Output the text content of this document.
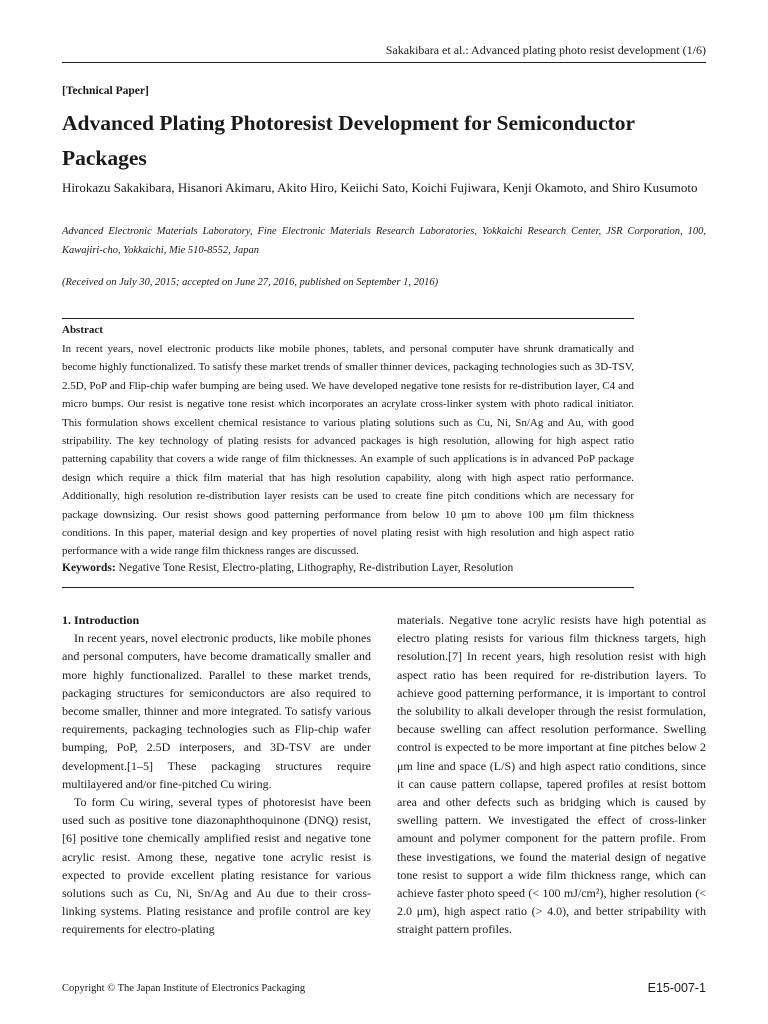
Sakakibara et al.: Advanced plating photo resist development (1/6)
[Technical Paper]
Advanced Plating Photoresist Development for Semiconductor Packages
Hirokazu Sakakibara, Hisanori Akimaru, Akito Hiro, Keiichi Sato, Koichi Fujiwara, Kenji Okamoto, and Shiro Kusumoto
Advanced Electronic Materials Laboratory, Fine Electronic Materials Research Laboratories, Yokkaichi Research Center, JSR Corporation, 100, Kawajiri-cho, Yokkaichi, Mie 510-8552, Japan
(Received on July 30, 2015; accepted on June 27, 2016, published on September 1, 2016)
Abstract
In recent years, novel electronic products like mobile phones, tablets, and personal computer have shrunk dramatically and become highly functionalized. To satisfy these market trends of smaller thinner devices, packaging technologies such as 3D-TSV, 2.5D, PoP and Flip-chip wafer bumping are being used. We have developed negative tone resists for re-distribution layer, C4 and micro bumps. Our resist is negative tone resist which incorporates an acrylate cross-linker system with photo radical initiator. This formulation shows excellent chemical resistance to various plating solutions such as Cu, Ni, Sn/Ag and Au, with good stripability. The key technology of plating resists for advanced packages is high resolution, allowing for high aspect ratio patterning capability that covers a wide range of film thicknesses. An example of such applications is in advanced PoP package design which require a thick film material that has high resolution capability, along with high aspect ratio performance. Additionally, high resolution re-distribution layer resists can be used to create fine pitch conditions which are necessary for package downsizing. Our resist shows good patterning performance from below 10 μm to above 100 μm film thickness conditions. In this paper, material design and key properties of novel plating resist with high resolution and high aspect ratio performance with a wide range film thickness ranges are discussed.
Keywords: Negative Tone Resist, Electro-plating, Lithography, Re-distribution Layer, Resolution
1. Introduction

In recent years, novel electronic products, like mobile phones and personal computers, have become dramatically smaller and more highly functionalized. Parallel to these market trends, packaging structures for semiconductors are also required to become smaller, thinner and more integrated. To satisfy various requirements, packaging technologies such as Flip-chip wafer bumping, PoP, 2.5D interposers, and 3D-TSV are under development.[1–5] These packaging structures require multilayered and/or fine-pitched Cu wiring.

To form Cu wiring, several types of photoresist have been used such as positive tone diazonaphthoquinone (DNQ) resist,[6] positive tone chemically amplified resist and negative tone acrylic resist. Among these, negative tone acrylic resist is expected to provide excellent plating resistance for various solutions such as Cu, Ni, Sn/Ag and Au due to their cross-linking systems. Plating resistance and profile control are key requirements for electro-plating

materials. Negative tone acrylic resists have high potential as electro plating resists for various film thickness targets, high resolution.[7] In recent years, high resolution resist with high aspect ratio has been required for re-distribution layers. To achieve good patterning performance, it is important to control the solubility to alkali developer through the resist formulation, because swelling can affect resolution performance. Swelling control is expected to be more important at fine pitches below 2 μm line and space (L/S) and high aspect ratio conditions, since it can cause pattern collapse, tapered profiles at resist bottom area and other defects such as bridging which is caused by swelling pattern. We investigated the effect of cross-linker amount and polymer component for the pattern profile. From these investigations, we found the material design of negative tone resist to support a wide film thickness range, which can achieve faster photo speed (< 100 mJ/cm²), higher resolution (< 2.0 μm), high aspect ratio (> 4.0), and better stripability with straight pattern profiles.

Copyright © The Japan Institute of Electronics Packaging	E15-007-1
